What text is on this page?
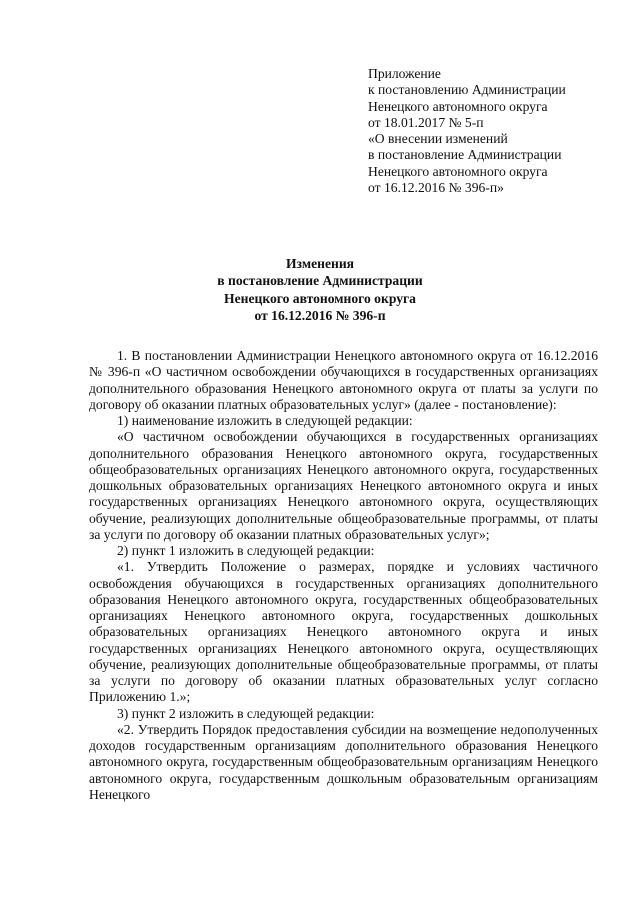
Приложение
к постановлению Администрации
Ненецкого автономного округа
от 18.01.2017 № 5-п
«О внесении изменений
в постановление Администрации
Ненецкого автономного округа
от 16.12.2016 № 396-п»
Изменения
в постановление Администрации
Ненецкого автономного округа
от 16.12.2016 № 396-п

1. В постановлении Администрации Ненецкого автономного округа от 16.12.2016 № 396-п «О частичном освобождении обучающихся в государственных организациях дополнительного образования Ненецкого автономного округа от платы за услуги по договору об оказании платных образовательных услуг» (далее - постановление):

1) наименование изложить в следующей редакции:

«О частичном освобождении обучающихся в государственных организациях дополнительного образования Ненецкого автономного округа, государственных общеобразовательных организациях Ненецкого автономного округа, государственных дошкольных образовательных организациях Ненецкого автономного округа и иных государственных организациях Ненецкого автономного округа, осуществляющих обучение, реализующих дополнительные общеобразовательные программы, от платы за услуги по договору об оказании платных образовательных услуг»;

2) пункт 1 изложить в следующей редакции:

«1. Утвердить Положение о размерах, порядке и условиях частичного освобождения обучающихся в государственных организациях дополнительного образования Ненецкого автономного округа, государственных общеобразовательных организациях Ненецкого автономного округа, государственных дошкольных образовательных организациях Ненецкого автономного округа и иных государственных организациях Ненецкого автономного округа, осуществляющих обучение, реализующих дополнительные общеобразовательные программы, от платы за услуги по договору об оказании платных образовательных услуг согласно Приложению 1.»;

3) пункт 2 изложить в следующей редакции:

«2. Утвердить Порядок предоставления субсидии на возмещение недополученных доходов государственным организациям дополнительного образования Ненецкого автономного округа, государственным общеобразовательным организациям Ненецкого автономного округа, государственным дошкольным образовательным организациям Ненецкого
